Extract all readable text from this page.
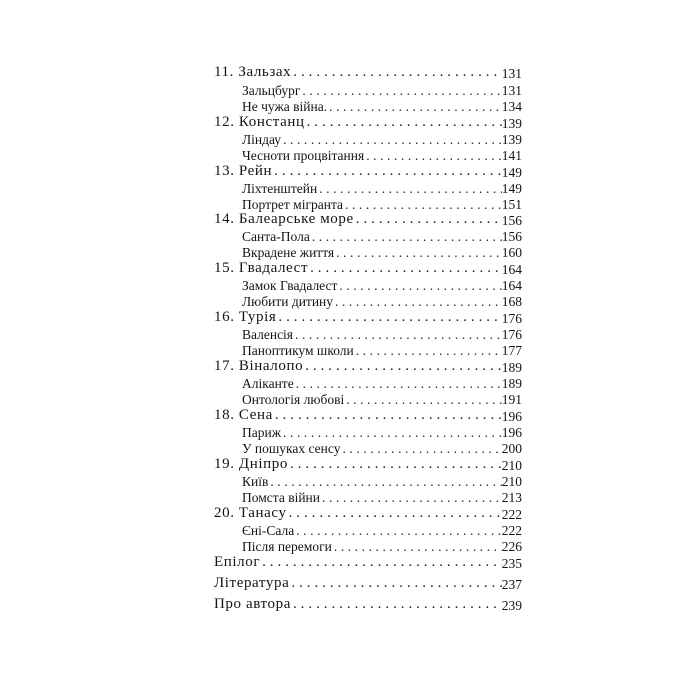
11. Зальзах . . .	131
Зальцбург . . .	131
Не чужа війна. . . .	134
12. Констанц . . .	139
Ліндау . . .	139
Чесноти процвітання . . .	141
13. Рейн . . .	149
Ліхтенштейн . . .	149
Портрет мігранта . . .	151
14. Балеарське море . . .	156
Санта-Пола . . .	156
Вкрадене життя . . .	160
15. Гвадалест . . .	164
Замок Гвадалест . . .	164
Любити дитину . . .	168
16. Турія . . .	176
Валенсія . . .	176
Паноптикум школи . . .	177
17. Віналопо . . .	189
Аліканте . . .	189
Онтологія любові . . .	191
18. Сена . . .	196
Париж . . .	196
У пошуках сенсу . . .	200
19. Дніпро . . .	210
Київ . . .	210
Помста війни . . .	213
20. Танасу . . .	222
Єні-Сала . . .	222
Після перемоги . . .	226
Епілог . . .	235
Література . . .	237
Про автора . . .	239
